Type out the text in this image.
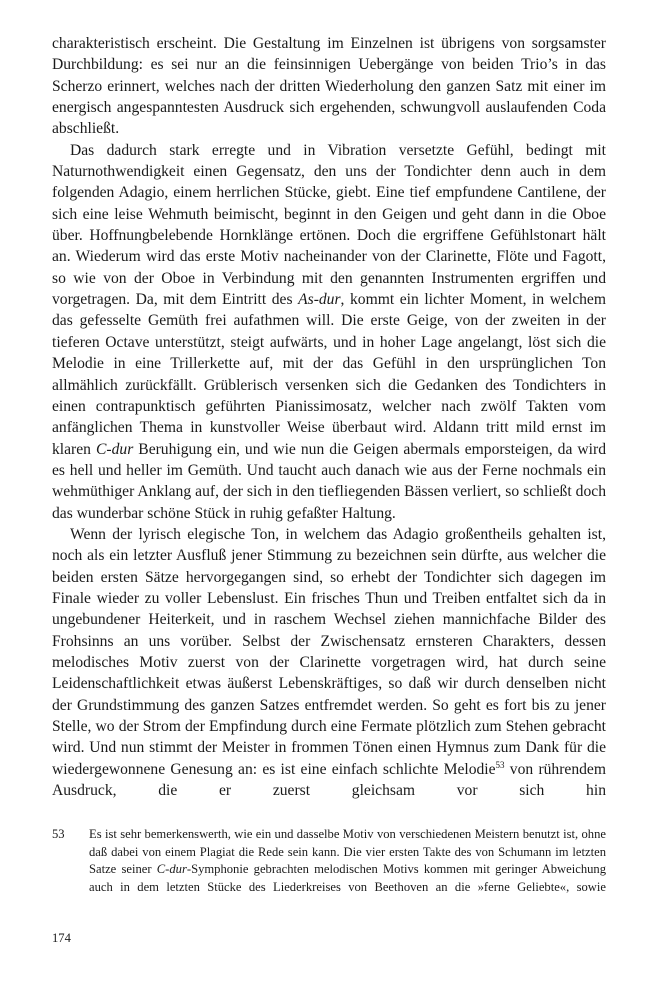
charakteristisch erscheint. Die Gestaltung im Einzelnen ist übrigens von sorgsamster Durchbildung: es sei nur an die feinsinnigen Uebergänge von beiden Trio’s in das Scherzo erinnert, welches nach der dritten Wiederholung den ganzen Satz mit einer im energisch angespanntesten Ausdruck sich ergehenden, schwungvoll auslaufenden Coda abschließt.

Das dadurch stark erregte und in Vibration versetzte Gefühl, bedingt mit Naturnothwendigkeit einen Gegensatz, den uns der Tondichter denn auch in dem folgenden Adagio, einem herrlichen Stücke, giebt. Eine tief empfundene Cantilene, der sich eine leise Wehmuth beimischt, beginnt in den Geigen und geht dann in die Oboe über. Hoffnungbelebende Hornklänge ertönen. Doch die ergriffene Gefühlstonart hält an. Wiederum wird das erste Motiv nacheinander von der Clarinette, Flöte und Fagott, so wie von der Oboe in Verbindung mit den genannten Instrumenten ergriffen und vorgetragen. Da, mit dem Eintritt des As-dur, kommt ein lichter Moment, in welchem das gefesselte Gemüth frei aufathmen will. Die erste Geige, von der zweiten in der tieferen Octave unterstützt, steigt aufwärts, und in hoher Lage angelangt, löst sich die Melodie in eine Trillerkette auf, mit der das Gefühl in den ursprünglichen Ton allmählich zurückfällt. Grüblerisch versenken sich die Gedanken des Tondichters in einen contrapunktisch geführten Pianissimosatz, welcher nach zwölf Takten vom anfänglichen Thema in kunstvoller Weise überbaut wird. Aldann tritt mild ernst im klaren C-dur Beruhigung ein, und wie nun die Geigen abermals emporsteigen, da wird es hell und heller im Gemüth. Und taucht auch danach wie aus der Ferne nochmals ein wehmüthiger Anklang auf, der sich in den tiefliegenden Bässen verliert, so schließt doch das wunderbar schöne Stück in ruhig gefaßter Haltung.

Wenn der lyrisch elegische Ton, in welchem das Adagio großentheils gehalten ist, noch als ein letzter Ausfluß jener Stimmung zu bezeichnen sein dürfte, aus welcher die beiden ersten Sätze hervorgegangen sind, so erhebt der Tondichter sich dagegen im Finale wieder zu voller Lebenslust. Ein frisches Thun und Treiben entfaltet sich da in ungebundener Heiterkeit, und in raschem Wechsel ziehen mannichfache Bilder des Frohsinns an uns vorüber. Selbst der Zwischensatz ernsteren Charakters, dessen melodisches Motiv zuerst von der Clarinette vorgetragen wird, hat durch seine Leidenschaftlichkeit etwas äußerst Lebenskräftiges, so daß wir durch denselben nicht der Grundstimmung des ganzen Satzes entfremdet werden. So geht es fort bis zu jener Stelle, wo der Strom der Empfindung durch eine Fermate plötzlich zum Stehen gebracht wird. Und nun stimmt der Meister in frommen Tönen einen Hymnus zum Dank für die wiedergewonnene Genesung an: es ist eine einfach schlichte Melodie$^{53}$ von rührendem Ausdruck, die er zuerst gleichsam vor sich hin

53	Es ist sehr bemerkenswerth, wie ein und dasselbe Motiv von verschiedenen Meistern benutzt ist, ohne daß dabei von einem Plagiat die Rede sein kann. Die vier ersten Takte des von Schumann im letzten Satze seiner C-dur-Symphonie gebrachten melodischen Motivs kommen mit geringer Abweichung auch in dem letzten Stücke des Liederkreises von Beethoven an die »ferne Geliebte«, sowie
174
